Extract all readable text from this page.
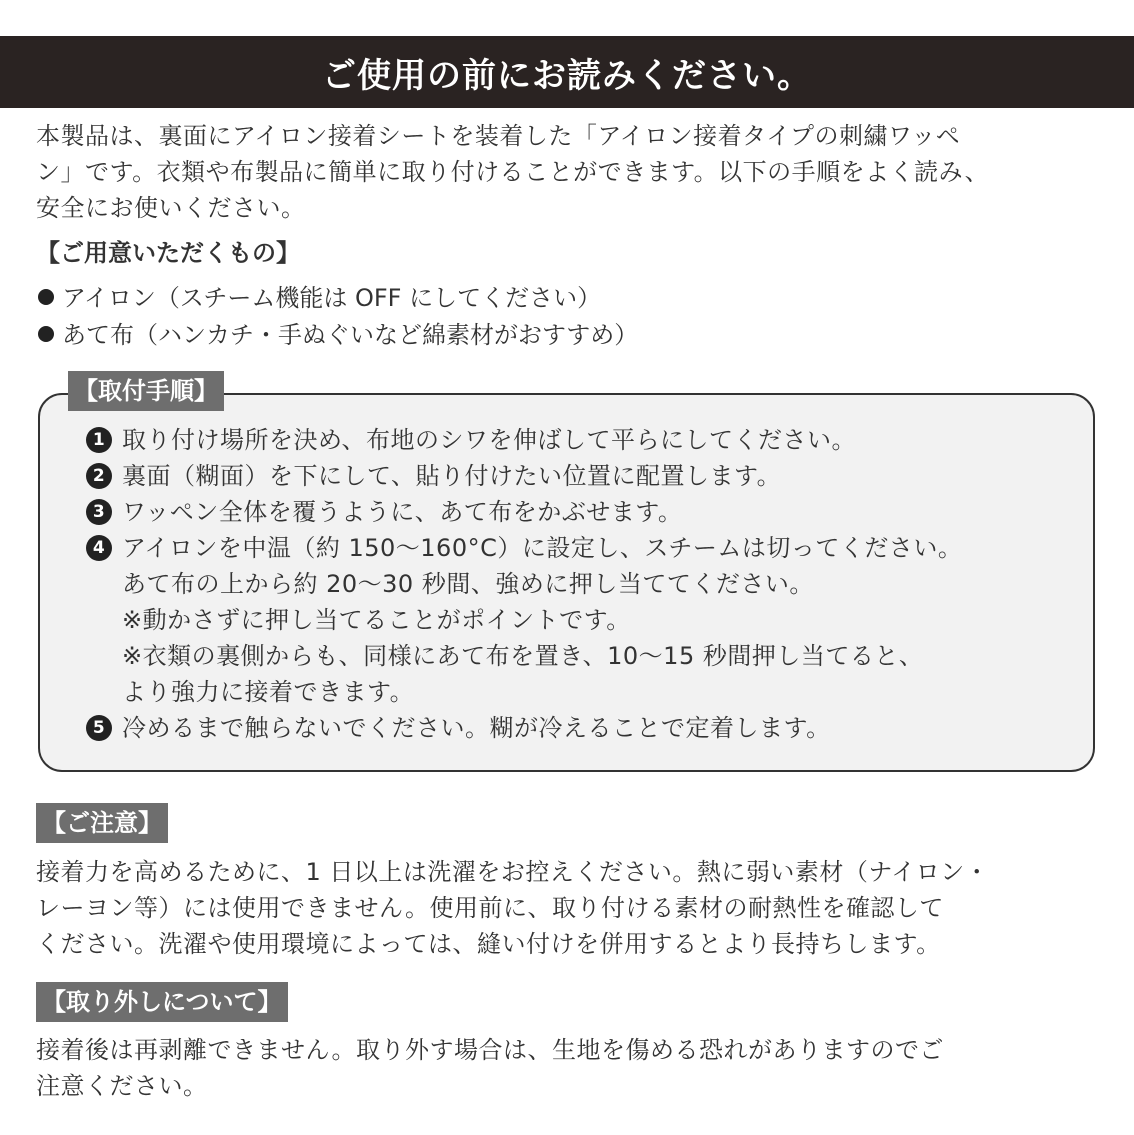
ご使用の前にお読みください。
本製品は、裏面にアイロン接着シートを装着した「アイロン接着タイプの刺繍ワッペ
ン」です。衣類や布製品に簡単に取り付けることができます。以下の手順をよく読み、
安全にお使いください。
【ご用意いただくもの】
アイロン（スチーム機能は OFF にしてください）
あて布（ハンカチ・手ぬぐいなど綿素材がおすすめ）
【取付手順】
1 取り付け場所を決め、布地のシワを伸ばして平らにしてください。
2 裏面（糊面）を下にして、貼り付けたい位置に配置します。
3 ワッペン全体を覆うように、あて布をかぶせます。
4 アイロンを中温（約 150〜160°C）に設定し、スチームは切ってください。
あて布の上から約 20〜30 秒間、強めに押し当ててください。
※動かさずに押し当てることがポイントです。
※衣類の裏側からも、同様にあて布を置き、10〜15 秒間押し当てると、
より強力に接着できます。
5 冷めるまで触らないでください。糊が冷えることで定着します。
【ご注意】
接着力を高めるために、1 日以上は洗濯をお控えください。熱に弱い素材（ナイロン・
レーヨン等）には使用できません。使用前に、取り付ける素材の耐熱性を確認して
ください。洗濯や使用環境によっては、縫い付けを併用するとより長持ちします。
【取り外しについて】
接着後は再剥離できません。取り外す場合は、生地を傷める恐れがありますのでご
注意ください。
